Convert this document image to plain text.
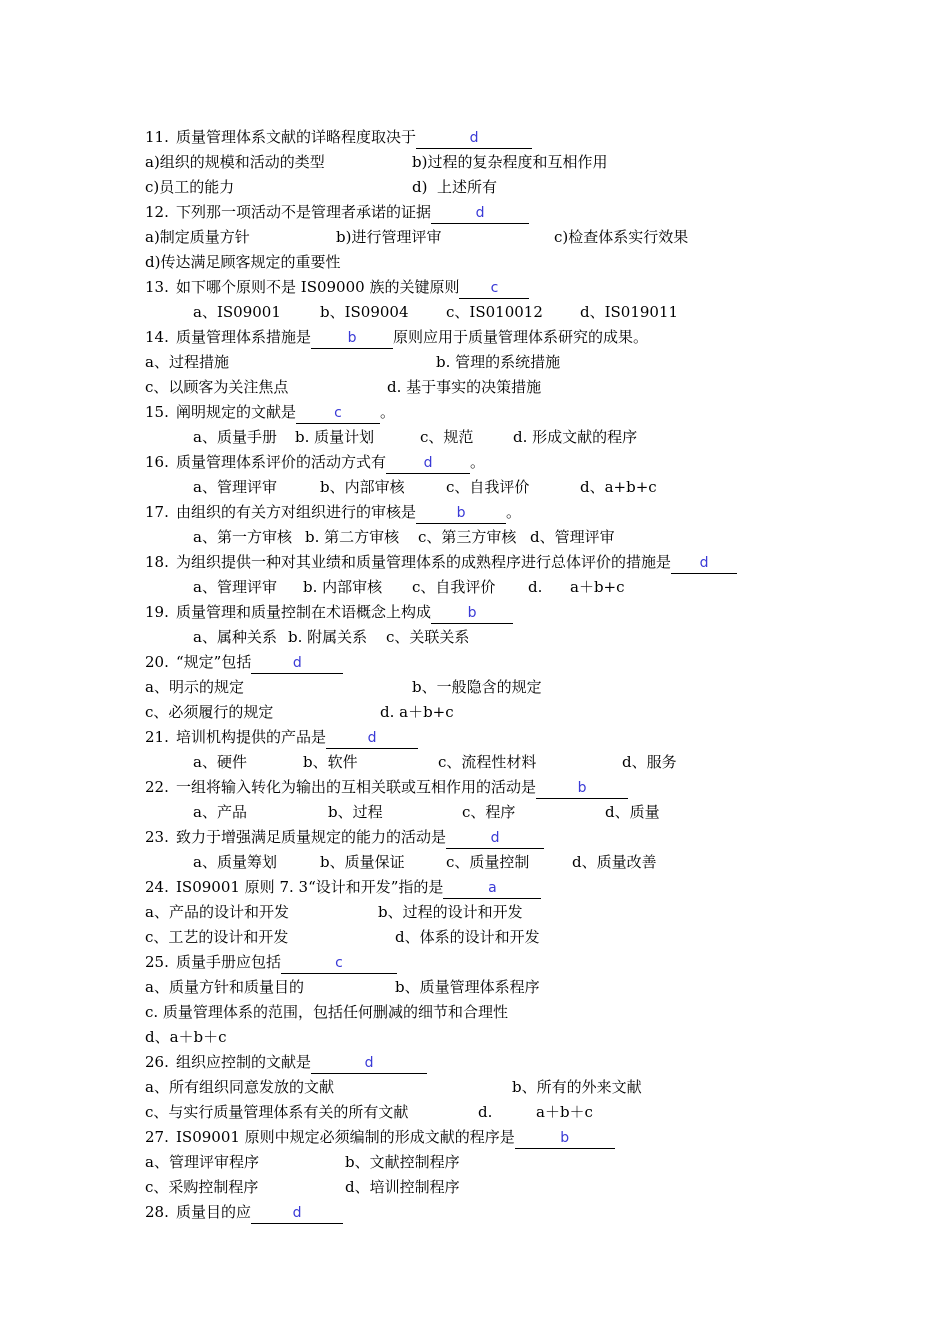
11.

质量管理体系文献的详略程度取决于	d

a)组织的规模和活动的类型

	b)过程的复杂程度和互相作用

c)员工的能力

	d)  上述所有

12.

下列那一项活动不是管理者承诺的证据	d

a)制定质量方针

	b)进行管理评审

	c)检查体系实行效果

d)传达满足顾客规定的重要性

13.

如下哪个原则不是 IS09000 族的关键原则 c

a、IS09001

	b、IS09004

c、IS010012

d、IS019011

14.

质量管理体系措施是	b 原则应用于质量管理体系研究的成果。

a、过程措施

	b. 管理的系统措施

c、以顾客为关注焦点

	d. 基于事实的决策措施

15.

阐明规定的文献是	c	。

a、质量手册

b. 质量计划

	c、规范

	d. 形成文献的程序

16.

质量管理体系评价的活动方式有	d	。

a、管理评审

	b、内部审核

	c、自我评价

	d、a+b+c

17.

由组织的有关方对组织进行的审核是	b	。

a、第一方审核

b. 第二方审核

c、第三方审核

d、管理评审

18.

为组织提供一种对其业绩和质量管理体系的成熟程序进行总体评价的措施是 d

a、管理评审

b. 内部审核

c、自我评价

d.

a＋b+c

19.

质量管理和质量控制在术语概念上构成	b

a、属种关系

b. 附属关系

c、关联关系

20.

“规定”包括	d

a、明示的规定

	b、一般隐含的规定

c、必须履行的规定

	d. a＋b+c

21.

培训机构提供的产品是	d

a、硬件

	b、软件

	c、流程性材料

	d、服务

22.

一组将输入转化为输出的互相关联或互相作用的活动是	b

a、产品

	b、过程

	c、程序

	d、质量

23.

致力于增强满足质量规定的能力的活动是	d

a、质量筹划

	b、质量保证

	c、质量控制

	d、质量改善

24.

IS09001 原则 7. 3“设计和开发”指的是	a

a、产品的设计和开发

	b、过程的设计和开发

c、工艺的设计和开发

	d、体系的设计和开发

25.

质量手册应包括	c

a、质量方针和质量目的

	b、质量管理体系程序

c. 质量管理体系的范围，包括任何删减的细节和合理性

d、a＋b＋c

26.

组织应控制的文献是	d

a、所有组织同意发放的文献

	b、所有的外来文献

c、与实行质量管理体系有关的所有文献

	d.

	a＋b＋c

27.

IS09001 原则中规定必须编制的形成文献的程序是	b

a、管理评审程序

	b、文献控制程序

c、采购控制程序

	d、培训控制程序

28.

质量目的应	d
